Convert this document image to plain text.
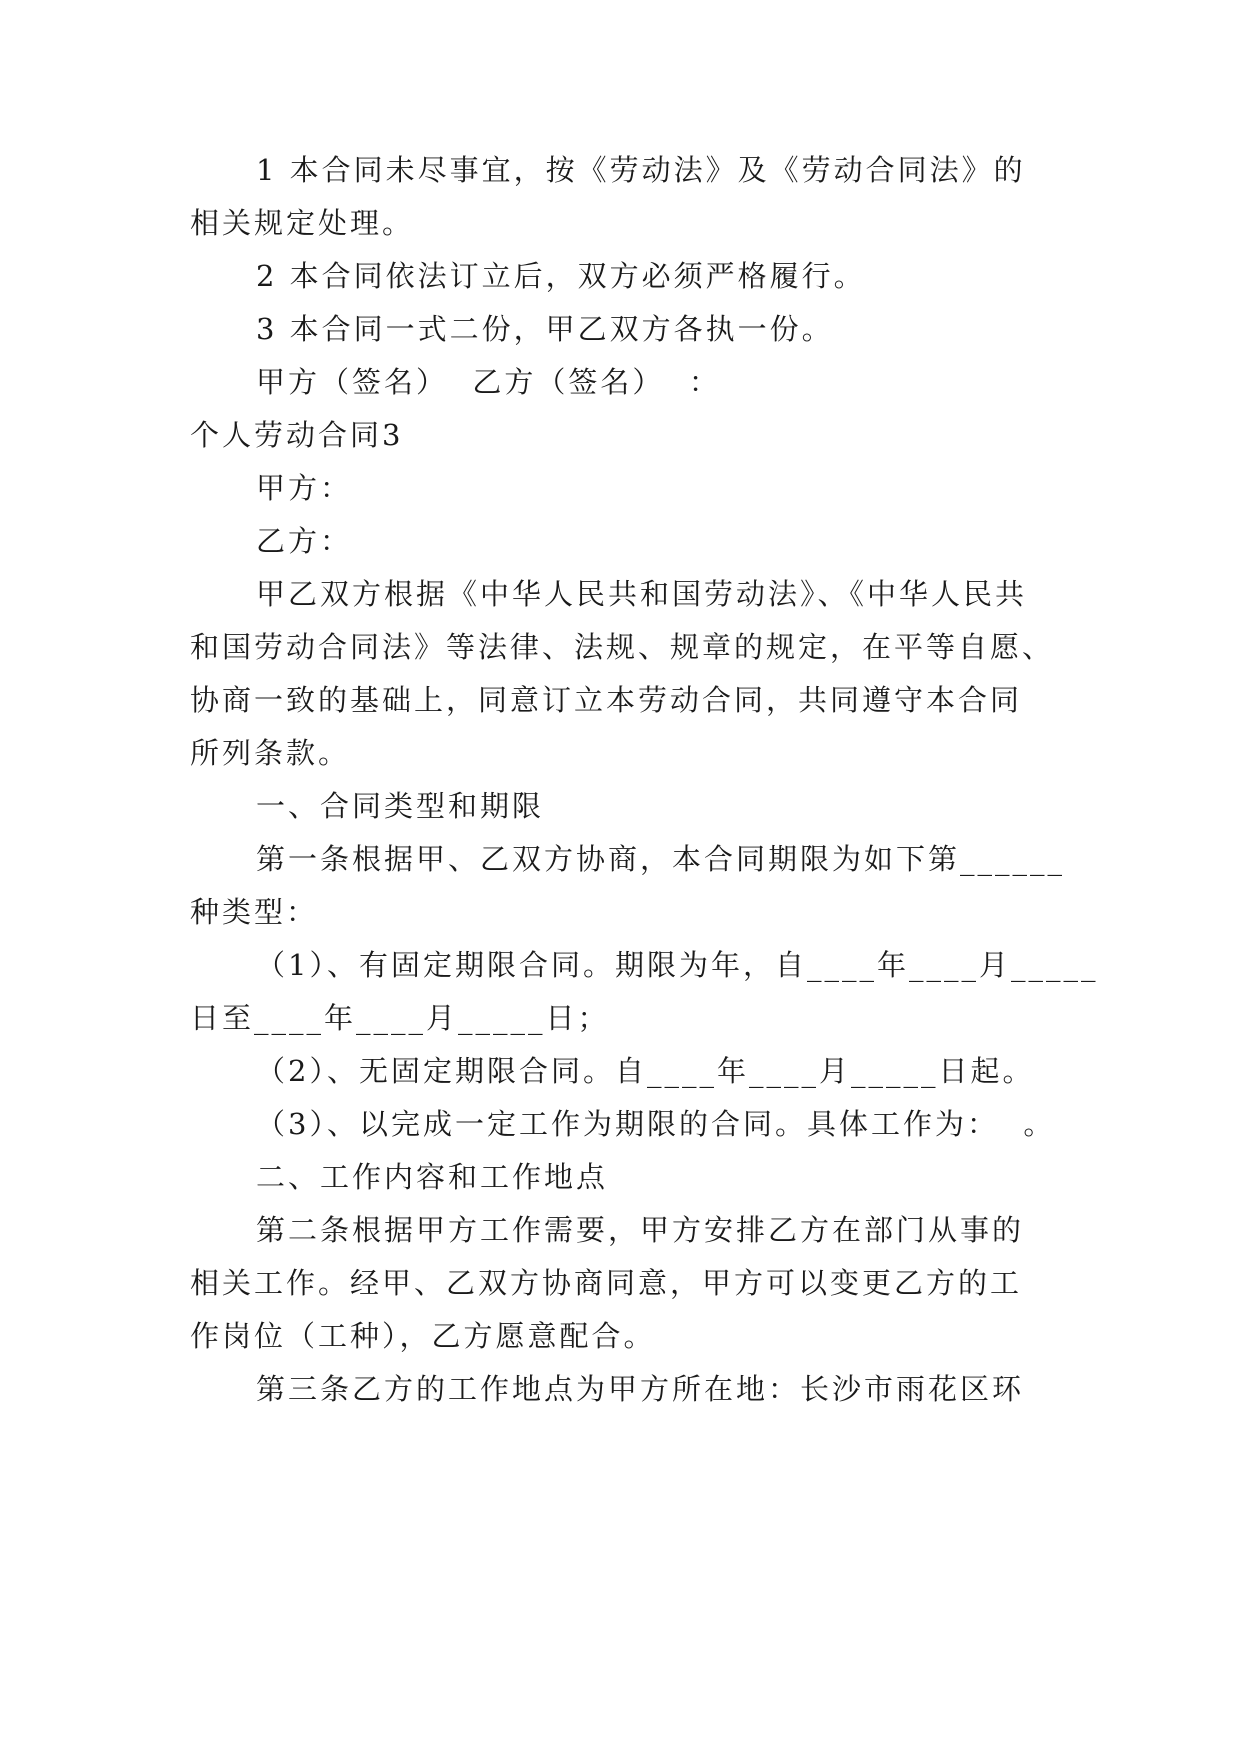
1 本合同未尽事宜，按《劳动法》及《劳动合同法》的
相关规定处理。
2 本合同依法订立后，双方必须严格履行。
3 本合同一式二份，甲乙双方各执一份。
甲方（签名）  乙方（签名）  ：
个人劳动合同3
甲方：
乙方：
甲乙双方根据《中华人民共和国劳动法》、《中华人民共
和国劳动合同法》等法律、法规、规章的规定，在平等自愿、
协商一致的基础上，同意订立本劳动合同，共同遵守本合同
所列条款。
一、合同类型和期限
第一条根据甲、乙双方协商，本合同期限为如下第______
种类型：
（1）、有固定期限合同。期限为年，自____年____月_____
日至____年____月_____日；
（2）、无固定期限合同。自____年____月_____日起。
（3）、以完成一定工作为期限的合同。具体工作为：  。
二、工作内容和工作地点
第二条根据甲方工作需要，甲方安排乙方在部门从事的
相关工作。经甲、乙双方协商同意，甲方可以变更乙方的工
作岗位（工种），乙方愿意配合。
第三条乙方的工作地点为甲方所在地：长沙市雨花区环
